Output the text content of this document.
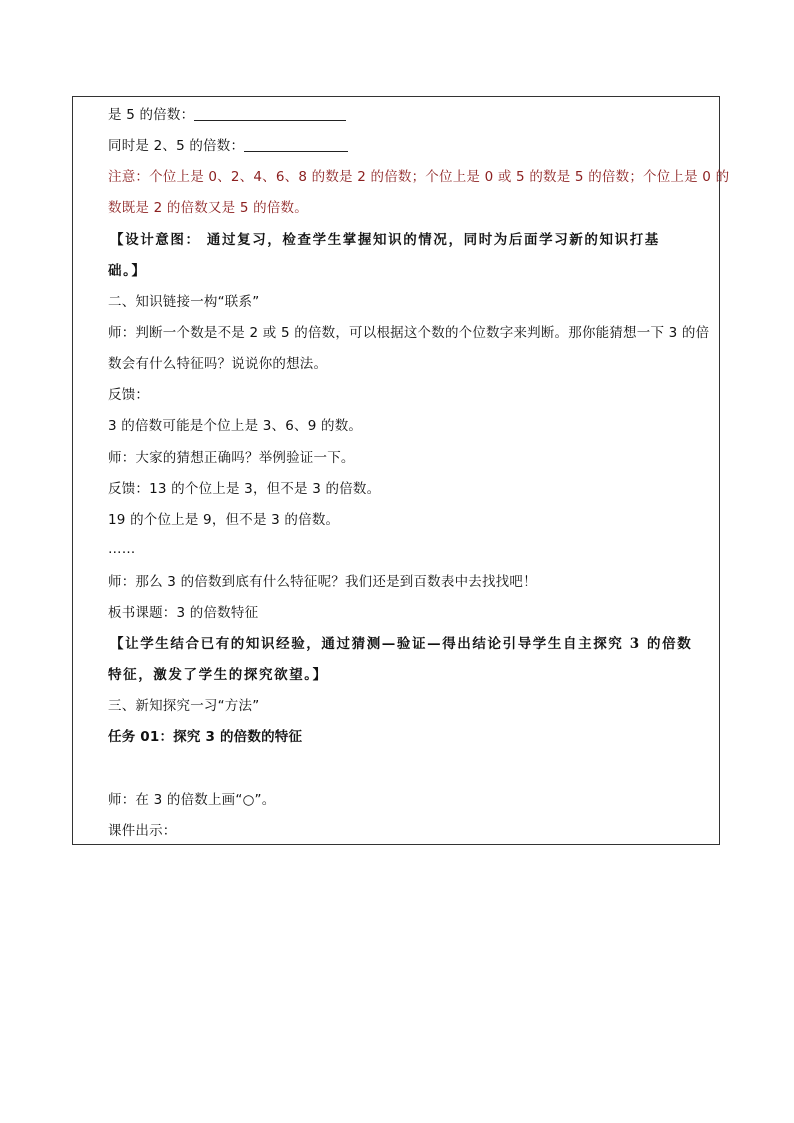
是 5 的倍数：
同时是 2、5 的倍数：
注意：个位上是 0、2、4、6、8 的数是 2 的倍数；个位上是 0 或 5 的数是 5 的倍数；个位上是 0 的
数既是 2 的倍数又是 5 的倍数。
【设计意图： 通过复习，检查学生掌握知识的情况，同时为后面学习新的知识打基
础。】
二、知识链接一构“联系”
师：判断一个数是不是 2 或 5 的倍数，可以根据这个数的个位数字来判断。那你能猜想一下 3 的倍
数会有什么特征吗？说说你的想法。
反馈：
3 的倍数可能是个位上是 3、6、9 的数。
师：大家的猜想正确吗？举例验证一下。
反馈：13 的个位上是 3，但不是 3 的倍数。
19 的个位上是 9，但不是 3 的倍数。
……
师：那么 3 的倍数到底有什么特征呢？我们还是到百数表中去找找吧！
板书课题：3 的倍数特征
【让学生结合已有的知识经验，通过猜测—验证—得出结论引导学生自主探究 3 的倍数
特征，激发了学生的探究欲望。】
三、新知探究一习“方法”
任务 01：探究 3 的倍数的特征
师：在 3 的倍数上画“○”。
课件出示：
